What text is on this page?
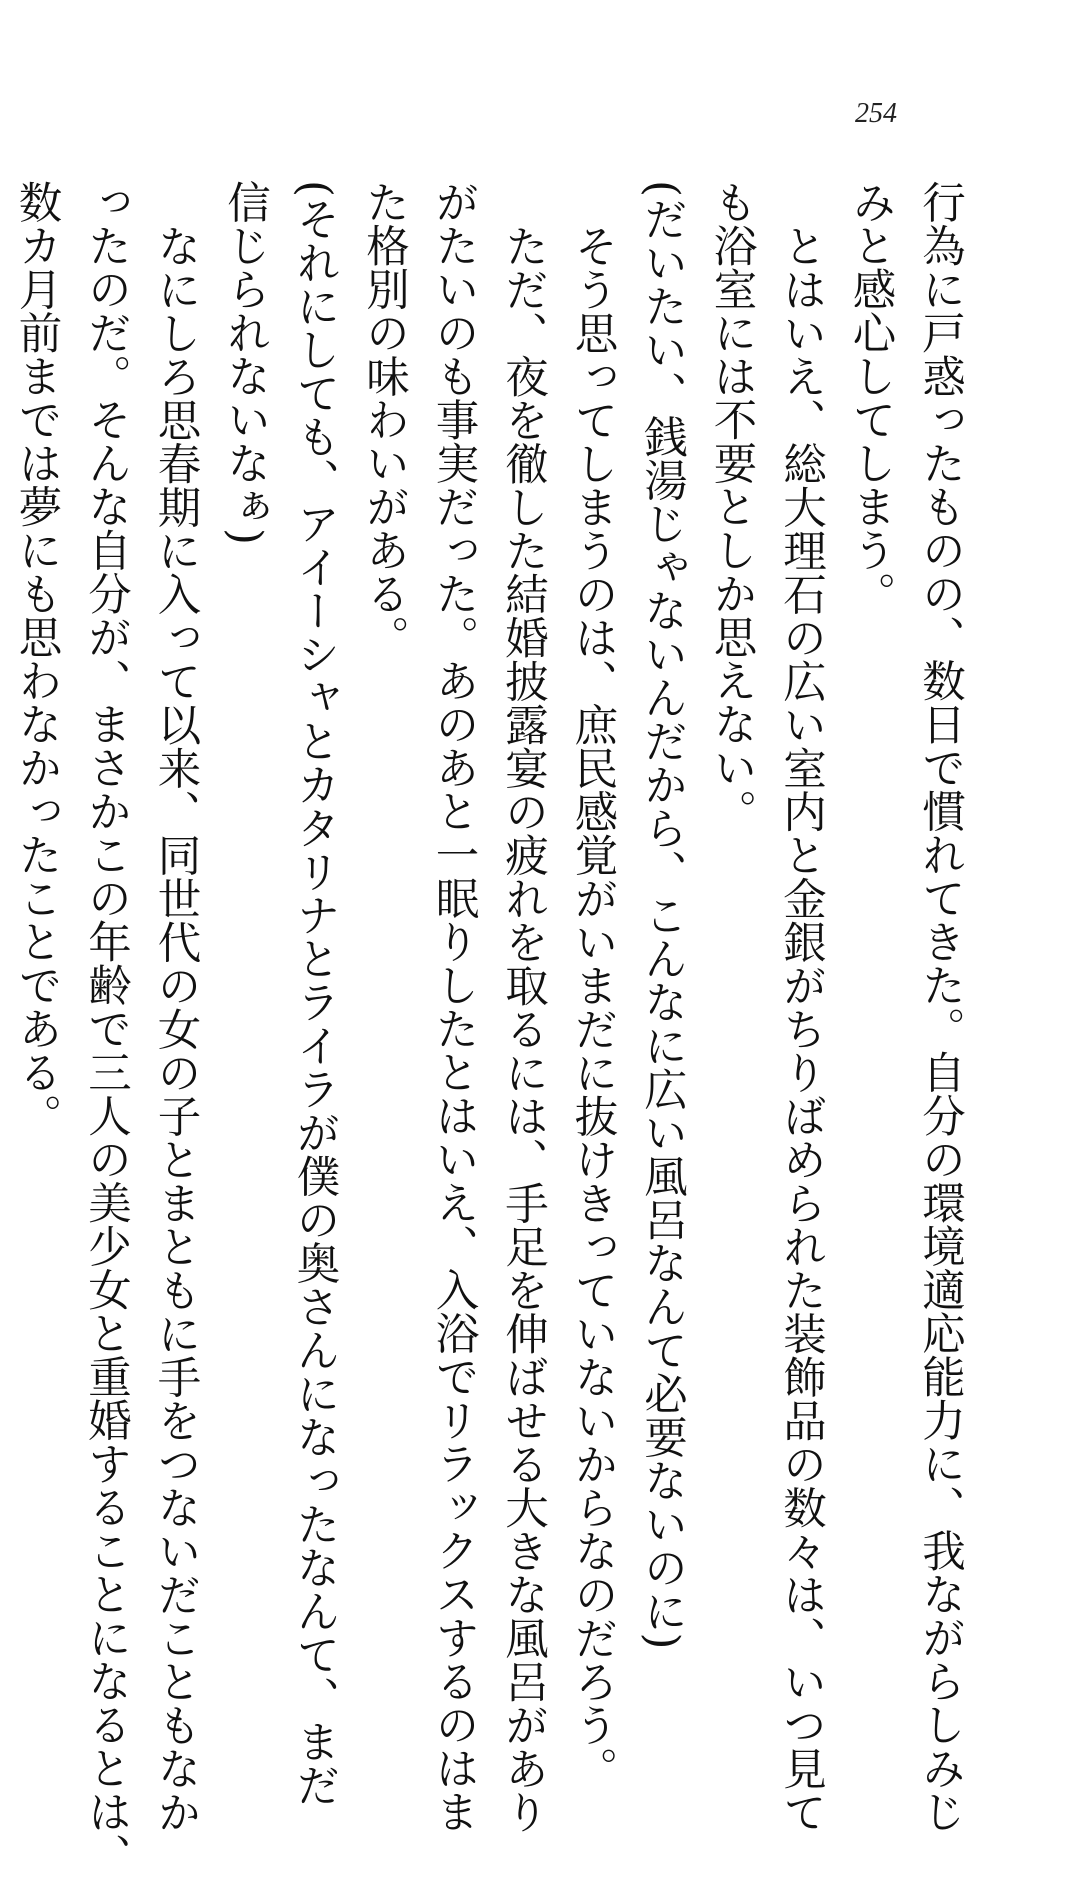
254
行為に戸惑ったものの、数日で慣れてきた。自分の環境適応能力に、我ながらしみじ
みと感心してしまう。
とはいえ、総大理石の広い室内と金銀がちりばめられた装飾品の数々は、いつ見て
も浴室には不要としか思えない。
(だいたい、銭湯じゃないんだから、こんなに広い風呂なんて必要ないのに)
そう思ってしまうのは、庶民感覚がいまだに抜けきっていないからなのだろう。
ただ、夜を徹した結婚披露宴の疲れを取るには、手足を伸ばせる大きな風呂があり
がたいのも事実だった。あのあと一眠りしたとはいえ、入浴でリラックスするのはま
た格別の味わいがある。
(それにしても、アイーシャとカタリナとライラが僕の奥さんになったなんて、まだ
信じられないなぁ)
なにしろ思春期に入って以来、同世代の女の子とまともに手をつないだこともなか
ったのだ。そんな自分が、まさかこの年齢で三人の美少女と重婚することになるとは、
数カ月前までは夢にも思わなかったことである。
